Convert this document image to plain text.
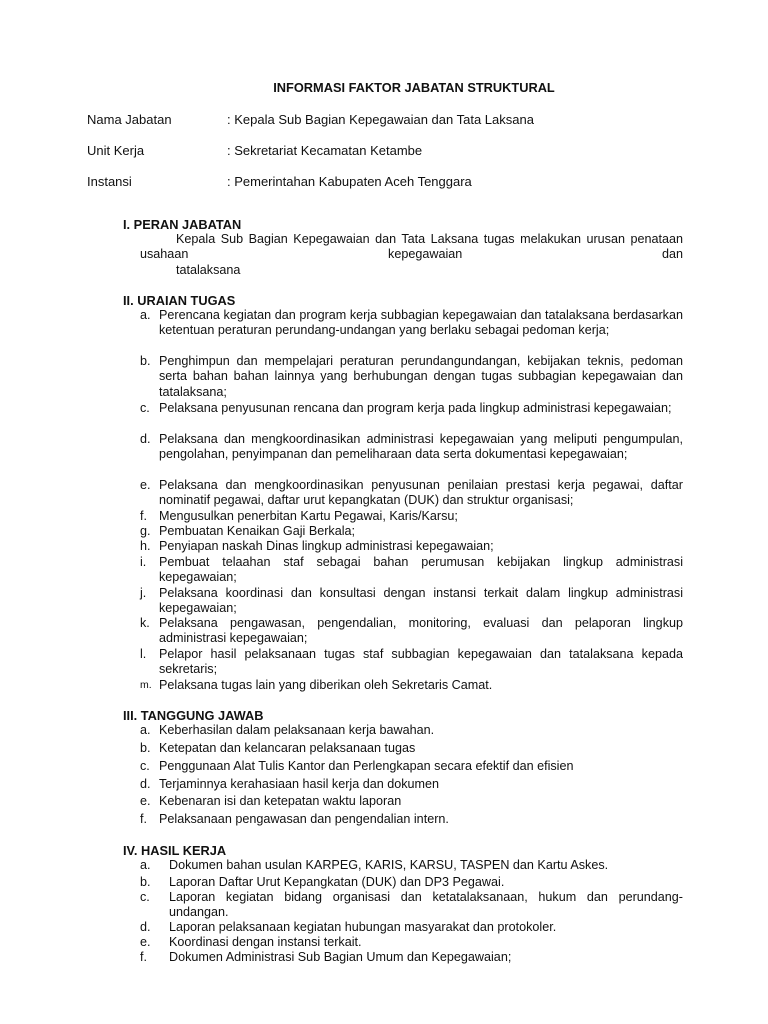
INFORMASI FAKTOR JABATAN STRUKTURAL
Nama Jabatan	: Kepala Sub Bagian Kepegawaian dan Tata Laksana
Unit Kerja	: Sekretariat Kecamatan Ketambe
Instansi	: Pemerintahan Kabupaten Aceh Tenggara
I. PERAN JABATAN
Kepala Sub Bagian Kepegawaian dan Tata Laksana tugas melakukan urusan penataan usahaan kepegawaian dan
tatalaksana
II. URAIAN TUGAS
a. Perencana kegiatan dan program kerja subbagian kepegawaian dan tatalaksana berdasarkan ketentuan peraturan perundang-undangan yang berlaku sebagai pedoman kerja;
b. Penghimpun dan mempelajari peraturan perundangundangan, kebijakan teknis, pedoman serta bahan bahan lainnya yang berhubungan dengan tugas subbagian kepegawaian dan tatalaksana;
c. Pelaksana penyusunan rencana dan program kerja pada lingkup administrasi kepegawaian;
d. Pelaksana dan mengkoordinasikan administrasi kepegawaian yang meliputi pengumpulan, pengolahan, penyimpanan dan pemeliharaan data serta dokumentasi kepegawaian;
e. Pelaksana dan mengkoordinasikan penyusunan penilaian prestasi kerja pegawai, daftar nominatif pegawai, daftar urut kepangkatan (DUK) dan struktur organisasi;
f. Mengusulkan penerbitan Kartu Pegawai, Karis/Karsu;
g. Pembuatan Kenaikan Gaji Berkala;
h. Penyiapan naskah Dinas lingkup administrasi kepegawaian;
i. Pembuat telaahan staf sebagai bahan perumusan kebijakan lingkup administrasi kepegawaian;
j. Pelaksana koordinasi dan konsultasi dengan instansi terkait dalam lingkup administrasi kepegawaian;
k. Pelaksana pengawasan, pengendalian, monitoring, evaluasi dan pelaporan lingkup administrasi kepegawaian;
l. Pelapor hasil pelaksanaan tugas staf subbagian kepegawaian dan tatalaksana kepada sekretaris;
m. Pelaksana tugas lain yang diberikan oleh Sekretaris Camat.
III. TANGGUNG JAWAB
a. Keberhasilan dalam pelaksanaan kerja bawahan.
b. Ketepatan dan kelancaran pelaksanaan tugas
c. Penggunaan Alat Tulis Kantor dan Perlengkapan secara efektif dan efisien
d. Terjaminnya kerahasiaan hasil kerja dan dokumen
e. Kebenaran isi dan ketepatan waktu laporan
f. Pelaksanaan pengawasan dan pengendalian intern.
IV. HASIL KERJA
a. Dokumen bahan usulan KARPEG, KARIS, KARSU, TASPEN dan Kartu Askes.
b. Laporan Daftar Urut Kepangkatan (DUK) dan DP3 Pegawai.
c. Laporan kegiatan bidang organisasi dan ketatalaksanaan, hukum dan perundang-undangan.
d. Laporan pelaksanaan kegiatan hubungan masyarakat dan protokoler.
e. Koordinasi dengan instansi terkait.
f. Dokumen Administrasi Sub Bagian Umum dan Kepegawaian;
